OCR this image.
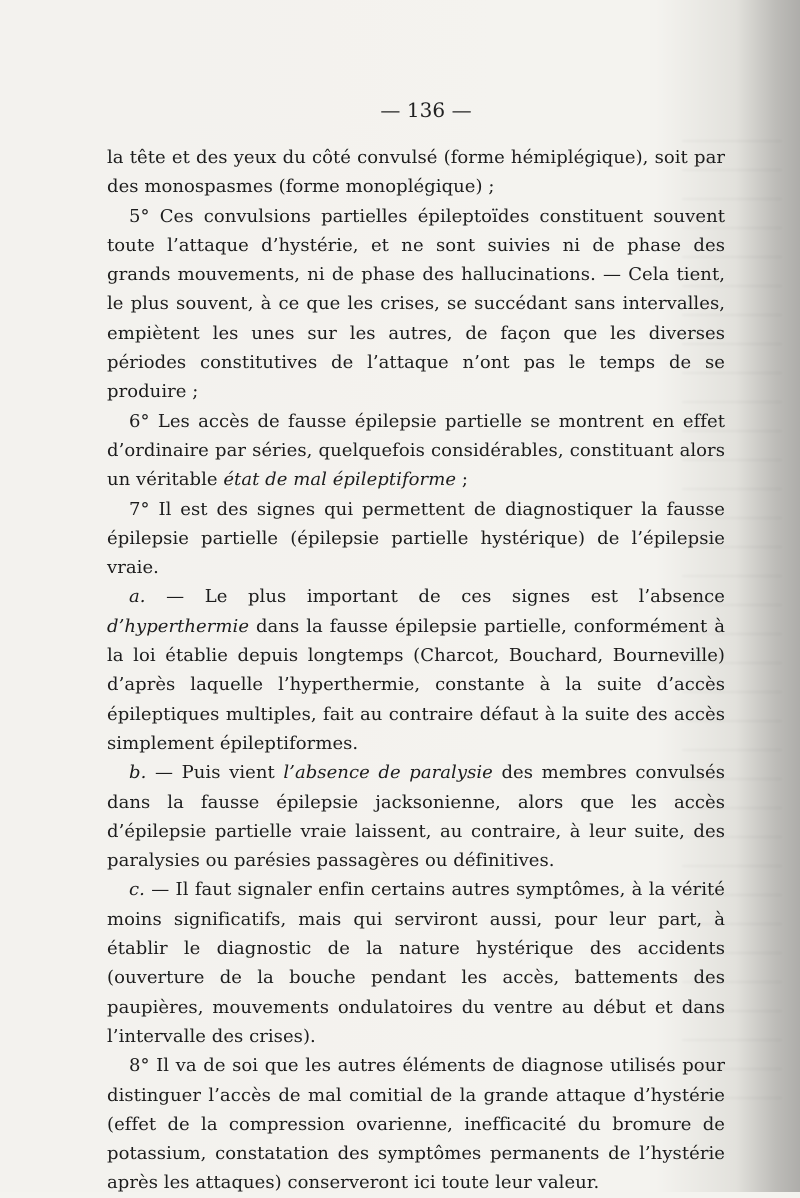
— 136 —

la tête et des yeux du côté convulsé (forme hémiplégique), soit par des monospasmes (forme monoplégique) ;

5° Ces convulsions partielles épileptoïdes constituent souvent toute l’attaque d’hystérie, et ne sont suivies ni de phase des grands mouvements, ni de phase des hallucinations. — Cela tient, le plus souvent, à ce que les crises, se succédant sans intervalles, empiètent les unes sur les autres, de façon que les diverses périodes constitutives de l’attaque n’ont pas le temps de se produire ;

6° Les accès de fausse épilepsie partielle se montrent en effet d’ordinaire par séries, quelquefois considérables, constituant alors un véritable état de mal épileptiforme ;

7° Il est des signes qui permettent de diagnostiquer la fausse épilepsie partielle (épilepsie partielle hystérique) de l’épilepsie vraie.

a. — Le plus important de ces signes est l’absence d’hyperthermie dans la fausse épilepsie partielle, conformément à la loi établie depuis longtemps (Charcot, Bouchard, Bourneville) d’après laquelle l’hyperthermie, constante à la suite d’accès épileptiques multiples, fait au contraire défaut à la suite des accès simplement épileptiformes.

b. — Puis vient l’absence de paralysie des membres convulsés dans la fausse épilepsie jacksonienne, alors que les accès d’épilepsie partielle vraie laissent, au contraire, à leur suite, des paralysies ou parésies passagères ou définitives.

c. — Il faut signaler enfin certains autres symptômes, à la vérité moins significatifs, mais qui serviront aussi, pour leur part, à établir le diagnostic de la nature hystérique des accidents (ouverture de la bouche pendant les accès, battements des paupières, mouvements ondulatoires du ventre au début et dans l’intervalle des crises).

8° Il va de soi que les autres éléments de diagnose utilisés pour distinguer l’accès de mal comitial de la grande attaque d’hystérie (effet de la compression ovarienne, inefficacité du bromure de potassium, constatation des symptômes permanents de l’hystérie après les attaques) conserveront ici toute leur valeur.
